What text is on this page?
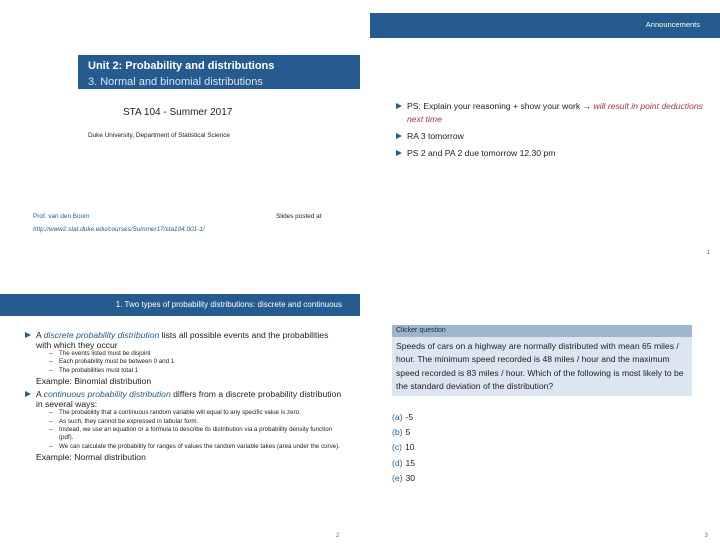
Unit 2: Probability and distributions
3. Normal and binomial distributions
STA 104 - Summer 2017
Duke University, Department of Statistical Science
Prof. van den Boom	Slides posted at
http://www2.stat.duke.edu/courses/Summer17/sta104.001-1/
Announcements
PS: Explain your reasoning + show your work → will result in point deductions next time
RA 3 tomorrow
PS 2 and PA 2 due tomorrow 12.30 pm
1
1. Two types of probability distributions: discrete and continuous
A discrete probability distribution lists all possible events and the probabilities with which they occur
– The events listed must be disjoint
– Each probability must be between 0 and 1
– The probabilities must total 1
Example: Binomial distribution
A continuous probability distribution differs from a discrete probability distribution in several ways:
– The probability that a continuous random variable will equal to any specific value is zero.
– As such, they cannot be expressed in tabular form.
– Instead, we use an equation or a formula to describe its distribution via a probability density function (pdf).
– We can calculate the probability for ranges of values the random variable takes (area under the curve).
Example: Normal distribution
2
Clicker question
Speeds of cars on a highway are normally distributed with mean 65 miles / hour. The minimum speed recorded is 48 miles / hour and the maximum speed recorded is 83 miles / hour. Which of the following is most likely to be the standard deviation of the distribution?
(a) -5
(b) 5
(c) 10
(d) 15
(e) 30
3
